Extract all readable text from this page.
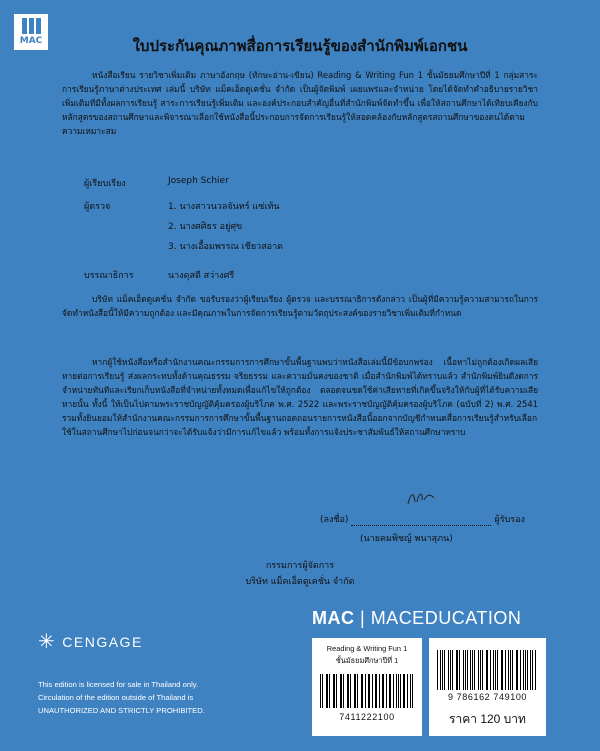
MAC	ใบประกันคุณภาพสื่อการเรียนรู้ของสำนักพิมพ์เอกชน
หนังสือเรียน รายวิชาเพิ่มเติม ภาษาอังกฤษ (ทักษะอ่าน-เขียน) Reading & Writing Fun 1 ชั้นมัธยมศึกษาปีที่ 1 กลุ่มสาระการเรียนรู้ภาษาต่างประเทศ เล่มนี้ บริษัท แม็คเอ็ดดูเคชั่น จำกัด เป็นผู้จัดพิมพ์ เผยแพร่และจำหน่าย โดยได้จัดทำคำอธิบายรายวิชาเพิ่มเติมที่มีทั้งผลการเรียนรู้ สาระการเรียนรู้เพิ่มเติม และองค์ประกอบสำคัญอื่นที่สำนักพิมพ์จัดทำขึ้น เพื่อให้สถานศึกษาได้เทียบเคียงกับหลักสูตรของสถานศึกษาและพิจารณาเลือกใช้หนังสือนี้ประกอบการจัดการเรียนรู้ให้สอดคล้องกับหลักสูตรสถานศึกษาของตนได้ตามความเหมาะสม
ผู้เรียบเรียง	Joseph Schier
ผู้ตรวจ	1. นางสาวนวลจันทร์ แซ่เท้น
2. นางศศิธร อยู่ศุข
3. นางเอื้อมพรรณ เชียวสอาด
บรรณาธิการ	นางดุสดี สว่างศรี
บริษัท แม็คเอ็ดดูเคชั่น จำกัด ขอรับรองว่าผู้เรียบเรียง ผู้ตรวจ และบรรณาธิการดังกล่าว เป็นผู้ที่มีความรู้ความสามารถในการจัดทำหนังสือนี้ให้มีความถูกต้อง และมีคุณภาพในการจัดการเรียนรู้ตามวัตถุประสงค์ของรายวิชาเพิ่มเติมที่กำหนด
หากผู้ใช้หนังสือหรือสำนักงานคณะกรรมการการศึกษาขั้นพื้นฐานพบว่าหนังสือเล่มนี้มีข้อบกพร่อง เนื้อหาไม่ถูกต้องเกิดผลเสียหายต่อการเรียนรู้ ส่งผลกระทบทั้งด้านคุณธรรม จริยธรรม และความมั่นคงของชาติ เมื่อสำนักพิมพ์ได้ทราบแล้ว สำนักพิมพ์ยินดีงดการจำหน่ายทันทีและเรียกเก็บหนังสือที่จำหน่ายทั้งหมดเพื่อแก้ไขให้ถูกต้อง ตลอดจนชดใช้ค่าเสียหายที่เกิดขึ้นจริงให้กับผู้ที่ได้รับความเสียหายนั้น ทั้งนี้ ให้เป็นไปตามพระราชบัญญัติคุ้มครองผู้บริโภค พ.ศ. 2522 และพระราชบัญญัติคุ้มครองผู้บริโภค (ฉบับที่ 2) พ.ศ. 2541 รวมทั้งยินยอมให้สำนักงานคณะกรรมการการศึกษาขั้นพื้นฐานถอดถอนรายการหนังสือนี้ออกจากบัญชีกำหนดสื่อการเรียนรู้สำหรับเลือกใช้ในสถานศึกษาไปก่อนจนกว่าจะได้รับแจ้งว่ามีการแก้ไขแล้ว พร้อมทั้งการแจ้งประชาสัมพันธ์ให้สถานศึกษาทราบ
(ลงชื่อ)	ผู้รับรอง
(นายคมพิชญ์ พนาสุภน)
กรรมการผู้จัดการ
บริษัท แม็คเอ็ดดูเคชั่น จำกัด
MAC | MACEDUCATION
✳ CENGAGE
This edition is licensed for sale in Thailand only.
Circulation of the edition outside of Thailand is
UNAUTHORIZED AND STRICTLY PROHIBITED.
Reading & Writing Fun 1
ชั้นมัธยมศึกษาปีที่ 1
7411222100
9 786162 749100
ราคา 120 บาท
